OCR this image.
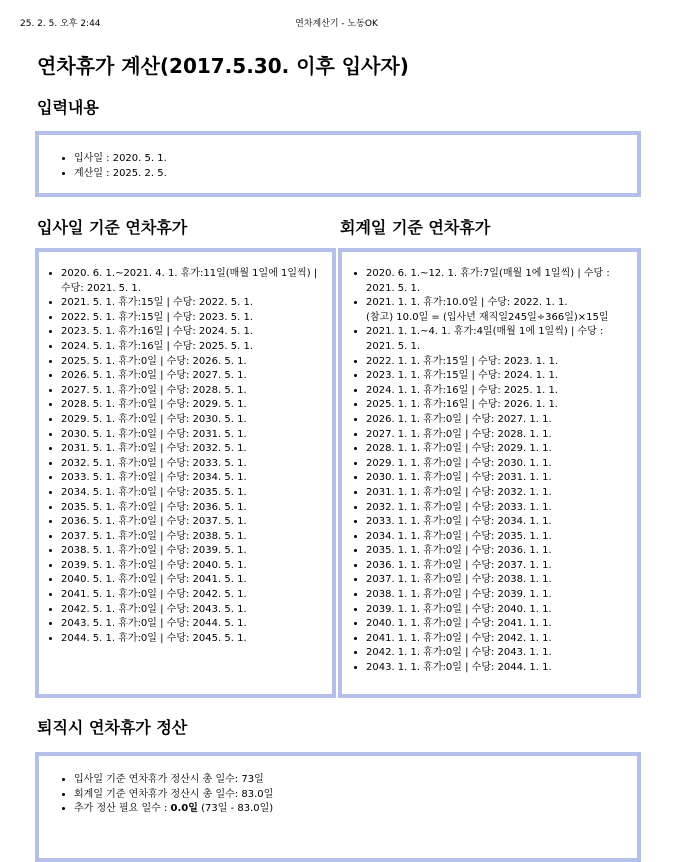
25. 2. 5. 오후 2:44	연차계산기 - 노동OK
연차휴가 계산(2017.5.30. 이후 입사자)
입력내용
• 입사일 : 2020. 5. 1.
• 계산일 : 2025. 2. 5.
입사일 기준 연차휴가
• 2020. 6. 1.~2021. 4. 1. 휴가:11일(매월 1일에 1일씩) | 수당: 2021. 5. 1.
• 2021. 5. 1. 휴가:15일 | 수당: 2022. 5. 1.
• 2022. 5. 1. 휴가:15일 | 수당: 2023. 5. 1.
• 2023. 5. 1. 휴가:16일 | 수당: 2024. 5. 1.
• 2024. 5. 1. 휴가:16일 | 수당: 2025. 5. 1.
• 2025. 5. 1. 휴가:0일 | 수당: 2026. 5. 1.
• 2026. 5. 1. 휴가:0일 | 수당: 2027. 5. 1.
• 2027. 5. 1. 휴가:0일 | 수당: 2028. 5. 1.
• 2028. 5. 1. 휴가:0일 | 수당: 2029. 5. 1.
• 2029. 5. 1. 휴가:0일 | 수당: 2030. 5. 1.
• 2030. 5. 1. 휴가:0일 | 수당: 2031. 5. 1.
• 2031. 5. 1. 휴가:0일 | 수당: 2032. 5. 1.
• 2032. 5. 1. 휴가:0일 | 수당: 2033. 5. 1.
• 2033. 5. 1. 휴가:0일 | 수당: 2034. 5. 1.
• 2034. 5. 1. 휴가:0일 | 수당: 2035. 5. 1.
• 2035. 5. 1. 휴가:0일 | 수당: 2036. 5. 1.
• 2036. 5. 1. 휴가:0일 | 수당: 2037. 5. 1.
• 2037. 5. 1. 휴가:0일 | 수당: 2038. 5. 1.
• 2038. 5. 1. 휴가:0일 | 수당: 2039. 5. 1.
• 2039. 5. 1. 휴가:0일 | 수당: 2040. 5. 1.
• 2040. 5. 1. 휴가:0일 | 수당: 2041. 5. 1.
• 2041. 5. 1. 휴가:0일 | 수당: 2042. 5. 1.
• 2042. 5. 1. 휴가:0일 | 수당: 2043. 5. 1.
• 2043. 5. 1. 휴가:0일 | 수당: 2044. 5. 1.
• 2044. 5. 1. 휴가:0일 | 수당: 2045. 5. 1.
회계일 기준 연차휴가
• 2020. 6. 1.~12. 1. 휴가:7일(매월 1에 1일씩) | 수당 : 2021. 5. 1.
• 2021. 1. 1. 휴가:10.0일 | 수당: 2022. 1. 1.
(참고) 10.0일 = (입사년 재직일245일÷366일)×15일
• 2021. 1. 1.~4. 1. 휴가:4일(매월 1에 1일씩) | 수당 : 2021. 5. 1.
• 2022. 1. 1. 휴가:15일 | 수당: 2023. 1. 1.
• 2023. 1. 1. 휴가:15일 | 수당: 2024. 1. 1.
• 2024. 1. 1. 휴가:16일 | 수당: 2025. 1. 1.
• 2025. 1. 1. 휴가:16일 | 수당: 2026. 1. 1.
• 2026. 1. 1. 휴가:0일 | 수당: 2027. 1. 1.
• 2027. 1. 1. 휴가:0일 | 수당: 2028. 1. 1.
• 2028. 1. 1. 휴가:0일 | 수당: 2029. 1. 1.
• 2029. 1. 1. 휴가:0일 | 수당: 2030. 1. 1.
• 2030. 1. 1. 휴가:0일 | 수당: 2031. 1. 1.
• 2031. 1. 1. 휴가:0일 | 수당: 2032. 1. 1.
• 2032. 1. 1. 휴가:0일 | 수당: 2033. 1. 1.
• 2033. 1. 1. 휴가:0일 | 수당: 2034. 1. 1.
• 2034. 1. 1. 휴가:0일 | 수당: 2035. 1. 1.
• 2035. 1. 1. 휴가:0일 | 수당: 2036. 1. 1.
• 2036. 1. 1. 휴가:0일 | 수당: 2037. 1. 1.
• 2037. 1. 1. 휴가:0일 | 수당: 2038. 1. 1.
• 2038. 1. 1. 휴가:0일 | 수당: 2039. 1. 1.
• 2039. 1. 1. 휴가:0일 | 수당: 2040. 1. 1.
• 2040. 1. 1. 휴가:0일 | 수당: 2041. 1. 1.
• 2041. 1. 1. 휴가:0일 | 수당: 2042. 1. 1.
• 2042. 1. 1. 휴가:0일 | 수당: 2043. 1. 1.
• 2043. 1. 1. 휴가:0일 | 수당: 2044. 1. 1.
퇴직시 연차휴가 정산
• 입사일 기준 연차휴가 정산시 총 일수: 73일
• 회계일 기준 연차휴가 정산시 총 일수: 83.0일
• 추가 정산 필요 일수 : 0.0일 (73일 - 83.0일)
